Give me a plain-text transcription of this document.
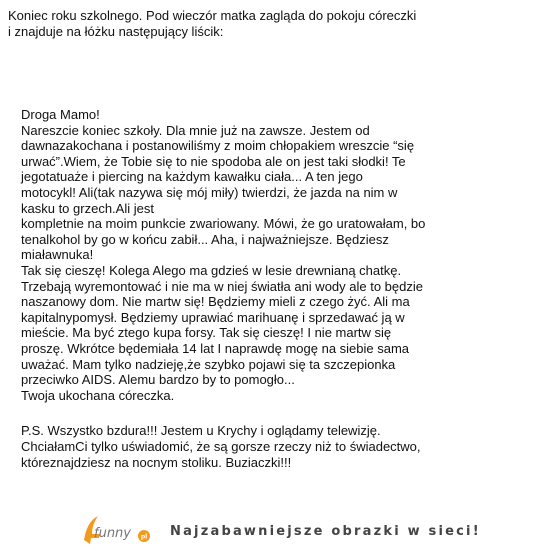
Koniec roku szkolnego. Pod wieczór matka zagląda do pokoju córeczki
i znajduje na łóżku następujący liścik:
Droga Mamo!
Nareszcie koniec szkoły. Dla mnie już na zawsze. Jestem od
dawnazakochana i postanowiliśmy z moim chłopakiem wreszcie “się
urwać”.Wiem, że Tobie się to nie spodoba ale on jest taki słodki! Te
jegotatuaże i piercing na każdym kawałku ciała... A ten jego
motocykl! Ali(tak nazywa się mój miły) twierdzi, że jazda na nim w
kasku to grzech.Ali jest
kompletnie na moim punkcie zwariowany. Mówi, że go uratowałam, bo
tenalkohol by go w końcu zabił... Aha, i najważniejsze. Będziesz
miaławnuka!
Tak się cieszę! Kolega Alego ma gdzieś w lesie drewnianą chatkę.
Trzebają wyremontować i nie ma w niej światła ani wody ale to będzie
naszanowy dom. Nie martw się! Będziemy mieli z czego żyć. Ali ma
kapitalnypomysł. Będziemy uprawiać marihuanę i sprzedawać ją w
mieście. Ma być ztego kupa forsy. Tak się cieszę! I nie martw się
proszę. Wkrótce będemiała 14 lat I naprawdę mogę na siebie sama
uważać. Mam tylko nadzieję,że szybko pojawi się ta szczepionka
przeciwko AIDS. Alemu bardzo by to pomogło...
Twoja ukochana córeczka.
P.S. Wszystko bzdura!!! Jestem u Krychy i oglądamy telewizję.
ChciałamCi tylko uświadomić, że są gorsze rzeczy niż to świadectwo,
któreznajdziesz na nocnym stoliku. Buziaczki!!!
funny pl Najzabawniejsze obrazki w sieci!
